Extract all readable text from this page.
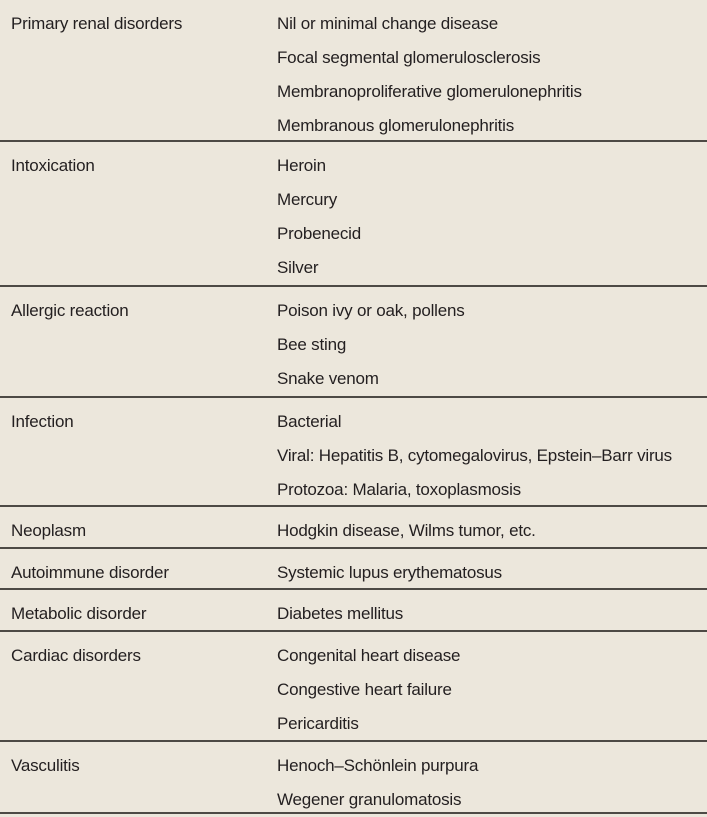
Primary renal disorders	Nil or minimal change disease
Focal segmental glomerulosclerosis
Membranoproliferative glomerulonephritis
Membranous glomerulonephritis
Intoxication	Heroin
Mercury
Probenecid
Silver
Allergic reaction	Poison ivy or oak, pollens
Bee sting
Snake venom
Infection	Bacterial
Viral: Hepatitis B, cytomegalovirus, Epstein–Barr virus
Protozoa: Malaria, toxoplasmosis
Neoplasm	Hodgkin disease, Wilms tumor, etc.
Autoimmune disorder	Systemic lupus erythematosus
Metabolic disorder	Diabetes mellitus
Cardiac disorders	Congenital heart disease
Congestive heart failure
Pericarditis
Vasculitis	Henoch–Schönlein purpura
Wegener granulomatosis
